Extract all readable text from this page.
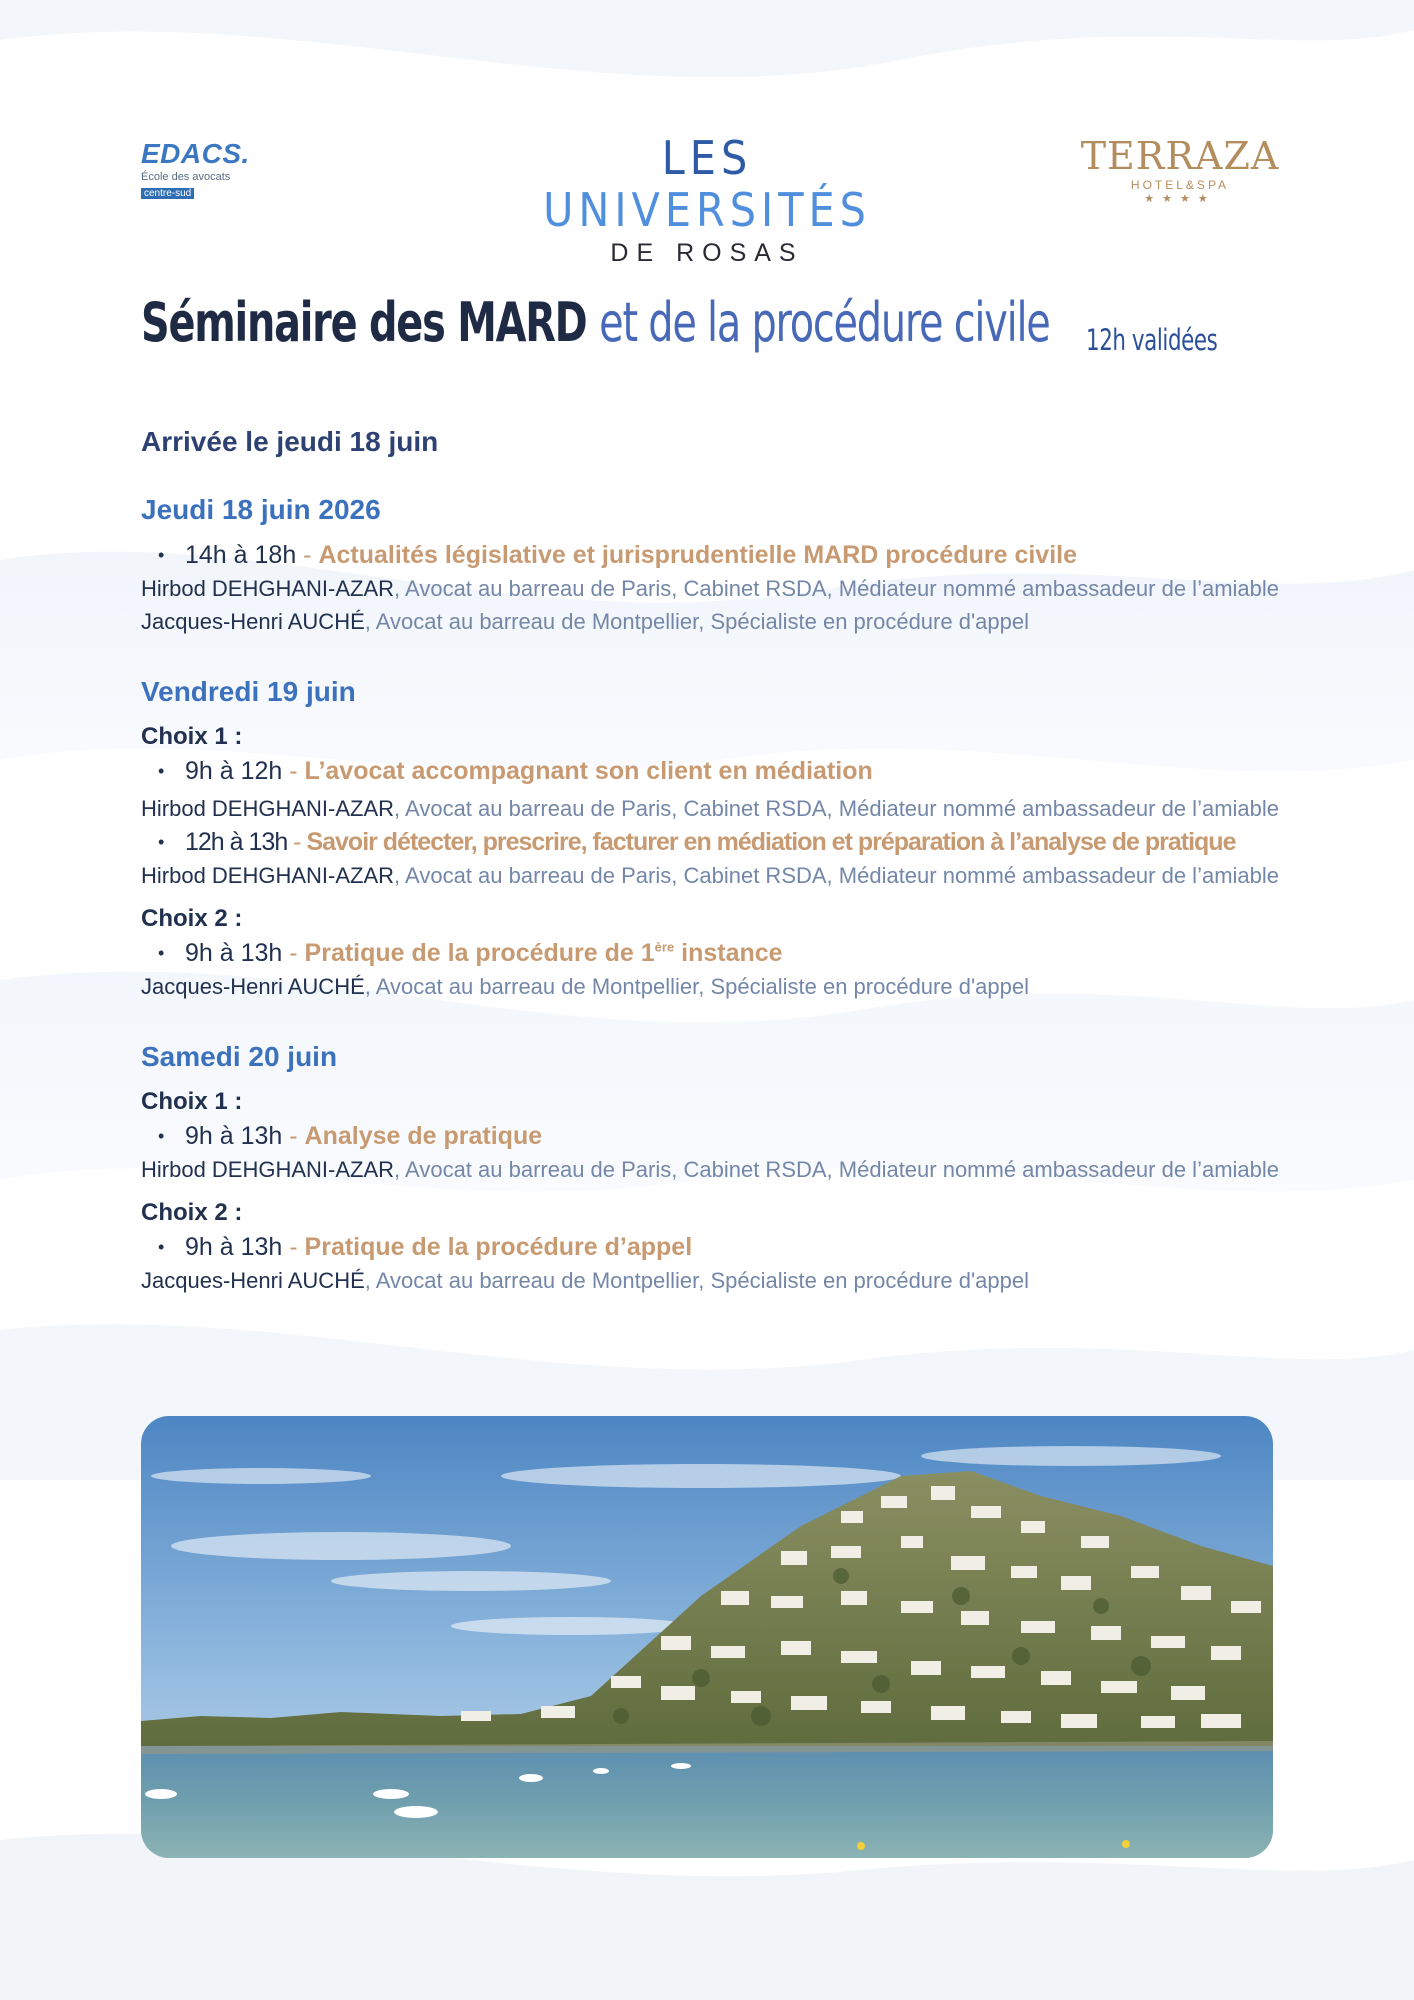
EDACS.
École des avocats
centre-sud
LES UNIVERSITÉS
DE ROSAS
TERRAZA
HOTEL&SPA
★★★★
Séminaire des MARD et de la procédure civile 12h validées

Arrivée le jeudi 18 juin

Jeudi 18 juin 2026

• 14h à 18h - Actualités législative et jurisprudentielle MARD procédure civile

Hirbod DEHGHANI-AZAR, Avocat au barreau de Paris, Cabinet RSDA, Médiateur nommé ambassadeur de l’amiable

Jacques-Henri AUCHÉ, Avocat au barreau de Montpellier, Spécialiste en procédure d'appel

Vendredi 19 juin

Choix 1 :

• 9h à 12h - L’avocat accompagnant son client en médiation

Hirbod DEHGHANI-AZAR, Avocat au barreau de Paris, Cabinet RSDA, Médiateur nommé ambassadeur de l’amiable

• 12h à 13h - Savoir détecter, prescrire, facturer en médiation et préparation à l’analyse de pratique

Hirbod DEHGHANI-AZAR, Avocat au barreau de Paris, Cabinet RSDA, Médiateur nommé ambassadeur de l’amiable

Choix 2 :

• 9h à 13h - Pratique de la procédure de 1ère instance

Jacques-Henri AUCHÉ, Avocat au barreau de Montpellier, Spécialiste en procédure d'appel

Samedi 20 juin

Choix 1 :

• 9h à 13h - Analyse de pratique

Hirbod DEHGHANI-AZAR, Avocat au barreau de Paris, Cabinet RSDA, Médiateur nommé ambassadeur de l’amiable

Choix 2 :

• 9h à 13h - Pratique de la procédure d’appel

Jacques-Henri AUCHÉ, Avocat au barreau de Montpellier, Spécialiste en procédure d'appel
